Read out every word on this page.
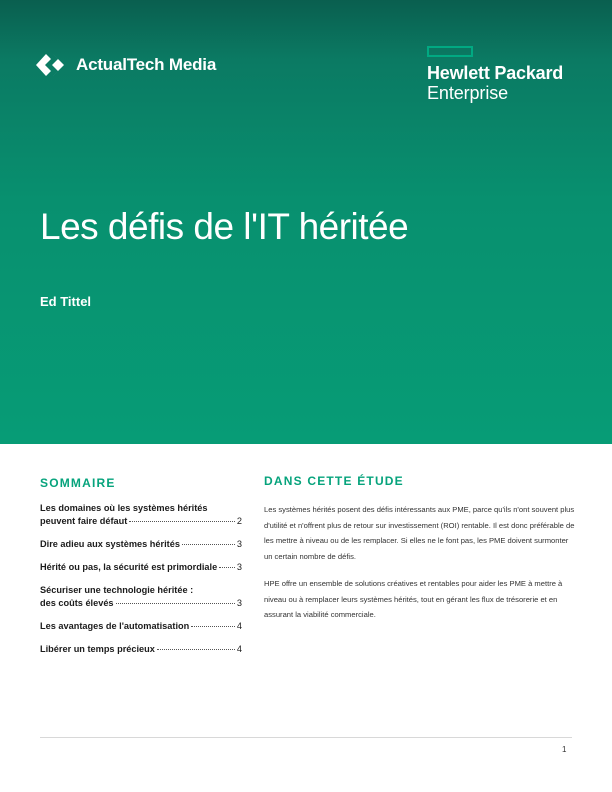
ActualTech Media	Hewlett Packard
Enterprise
Les défis de l'IT héritée

Ed Tittel

SOMMAIRE
Les domaines où les systèmes hérités
peuvent faire défaut	2
Dire adieu aux systèmes hérités	3
Hérité ou pas, la sécurité est primordiale 3
Sécuriser une technologie héritée :
des coûts élevés	3
Les avantages de l'automatisation	4
Libérer un temps précieux	4
DANS CETTE ÉTUDE

Les systèmes hérités posent des défis intéressants aux PME, parce qu'ils n'ont souvent plus d'utilité et n'offrent plus de retour sur investissement (ROI) rentable. Il est donc préférable de les mettre à niveau ou de les remplacer. Si elles ne le font pas, les PME doivent surmonter un certain nombre de défis.

HPE offre un ensemble de solutions créatives et rentables pour aider les PME à mettre à niveau ou à remplacer leurs systèmes hérités, tout en gérant les flux de trésorerie et en assurant la viabilité commerciale.

1
